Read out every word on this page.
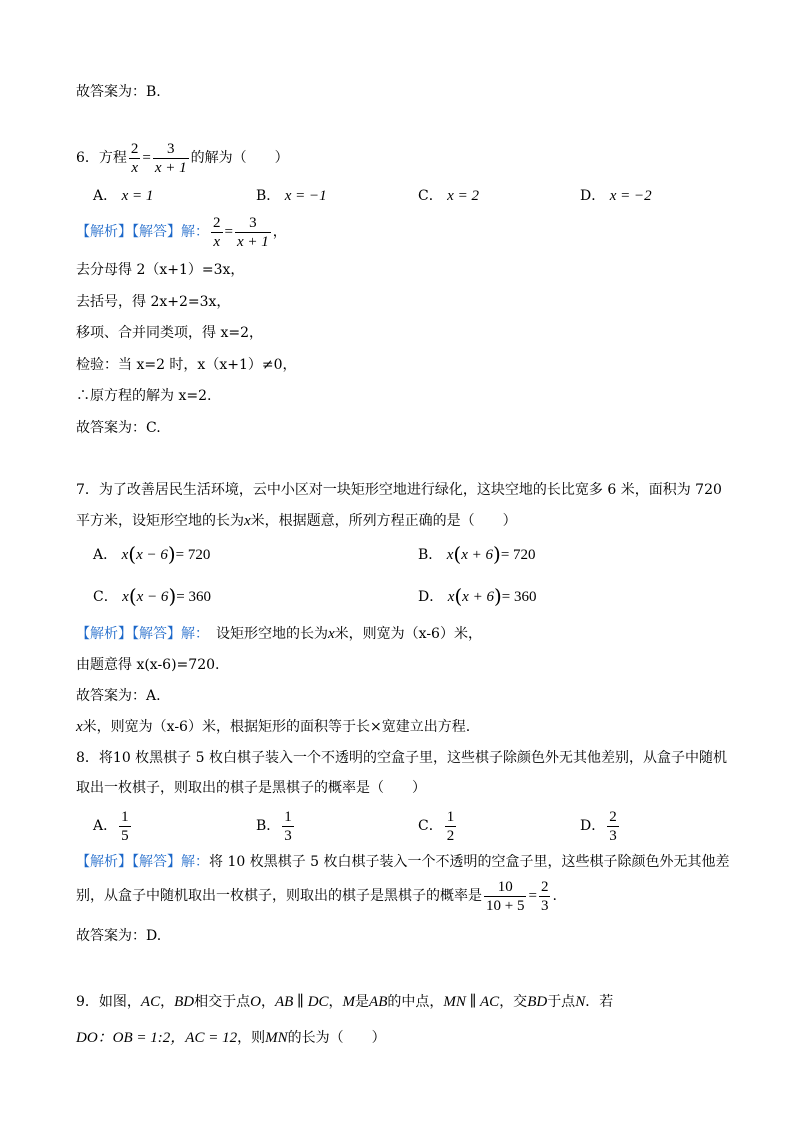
故答案为：B.
6．方程 $\frac{2}{x} = \frac{3}{x + 1}$ 的解为（　　）
A． x = 1	B． x = −1	C． x = 2	D． x = −2
【解析】【解答】解： $\frac{2}{x} = \frac{3}{x + 1}$ ，
去分母得 2（x+1）=3x，
去括号，得 2x+2=3x，
移项、合并同类项，得 x=2，
检验：当 x=2 时，x（x+1）≠0，
∴原方程的解为 x=2.
故答案为：C.
7．为了改善居民生活环境，云中小区对一块矩形空地进行绿化，这块空地的长比宽多 6 米，面积为 720
平方米，设矩形空地的长为x米，根据题意，所列方程正确的是（　　）
A． x(x − 6)= 720	B． x(x + 6)= 720
C． x(x − 6)= 360	D． x(x + 6)= 360
【解析】【解答】解：　设矩形空地的长为x米，则宽为（x-6）米，
由题意得 x(x-6)=720.
故答案为：A.
x米，则宽为（x-6）米，根据矩形的面积等于长×宽建立出方程.
8．将10 枚黑棋子 5 枚白棋子装入一个不透明的空盒子里，这些棋子除颜色外无其他差别，从盒子中随机
取出一枚棋子，则取出的棋子是黑棋子的概率是（　　）
A． $\frac{1}{5}$	B． $\frac{1}{3}$	C． $\frac{1}{2}$	D． $\frac{2}{3}$
【解析】【解答】解：将 10 枚黑棋子 5 枚白棋子装入一个不透明的空盒子里，这些棋子除颜色外无其他差
别，从盒子中随机取出一枚棋子，则取出的棋子是黑棋子的概率是 $\frac{10}{10 + 5} = \frac{2}{3}$ .
故答案为：D.
9．如图，AC，BD相交于点O，AB ∥ DC，M是AB的中点，MN ∥ AC，交BD于点N．若
DO：OB = 1:2，AC = 12，则MN的长为（　　）
